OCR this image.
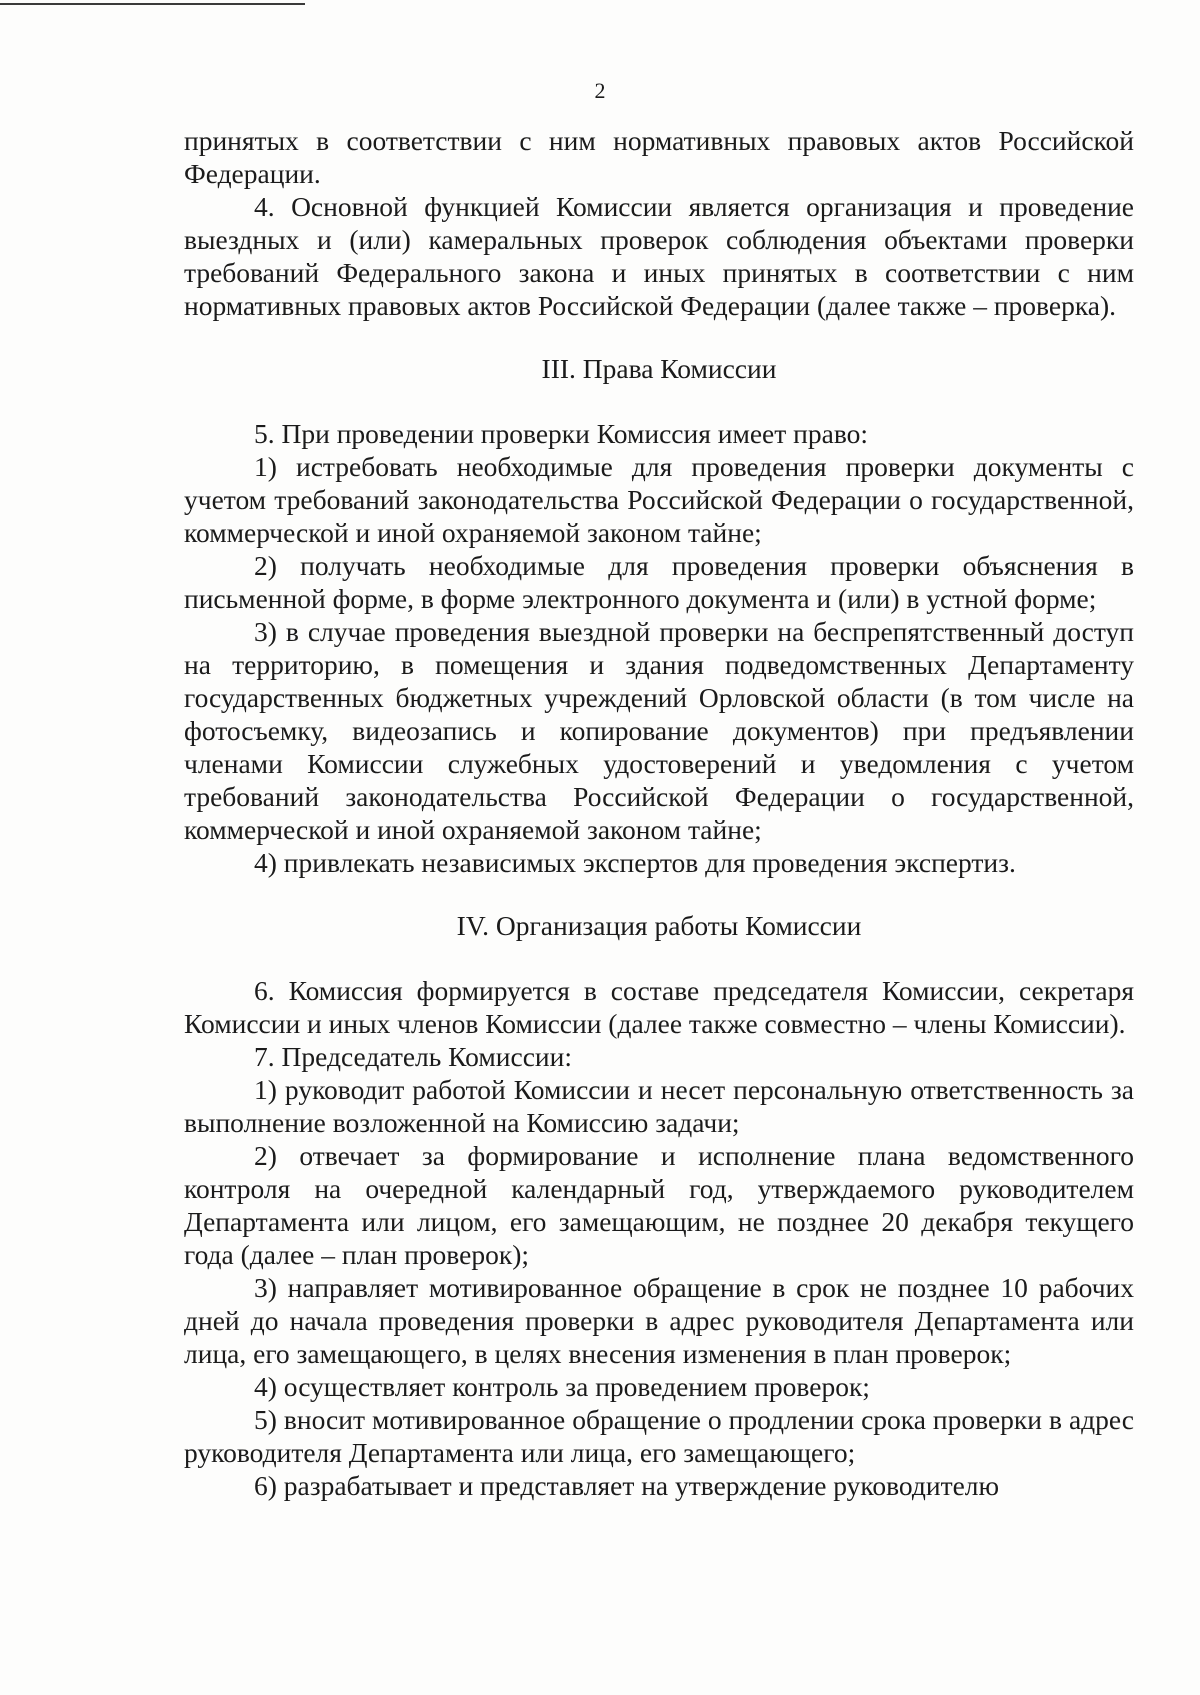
2

принятых в соответствии с ним нормативных правовых актов Российской Федерации.

4. Основной функцией Комиссии является организация и проведение выездных и (или) камеральных проверок соблюдения объектами проверки требований Федерального закона и иных принятых в соответствии с ним нормативных правовых актов Российской Федерации (далее также – проверка).

III. Права Комиссии

5. При проведении проверки Комиссия имеет право:

1) истребовать необходимые для проведения проверки документы с учетом требований законодательства Российской Федерации о государственной, коммерческой и иной охраняемой законом тайне;

2) получать необходимые для проведения проверки объяснения в письменной форме, в форме электронного документа и (или) в устной форме;

3) в случае проведения выездной проверки на беспрепятственный доступ на территорию, в помещения и здания подведомственных Департаменту государственных бюджетных учреждений Орловской области (в том числе на фотосъемку, видеозапись и копирование документов) при предъявлении членами Комиссии служебных удостоверений и уведомления с учетом требований законодательства Российской Федерации о государственной, коммерческой и иной охраняемой законом тайне;

4) привлекать независимых экспертов для проведения экспертиз.

IV. Организация работы Комиссии

6. Комиссия формируется в составе председателя Комиссии, секретаря Комиссии и иных членов Комиссии (далее также совместно – члены Комиссии).

7. Председатель Комиссии:

1) руководит работой Комиссии и несет персональную ответственность за выполнение возложенной на Комиссию задачи;

2) отвечает за формирование и исполнение плана ведомственного контроля на очередной календарный год, утверждаемого руководителем Департамента или лицом, его замещающим, не позднее 20 декабря текущего года (далее – план проверок);

3) направляет мотивированное обращение в срок не позднее 10 рабочих дней до начала проведения проверки в адрес руководителя Департамента или лица, его замещающего, в целях внесения изменения в план проверок;

4) осуществляет контроль за проведением проверок;

5) вносит мотивированное обращение о продлении срока проверки в адрес руководителя Департамента или лица, его замещающего;

6) разрабатывает и представляет на утверждение руководителю
